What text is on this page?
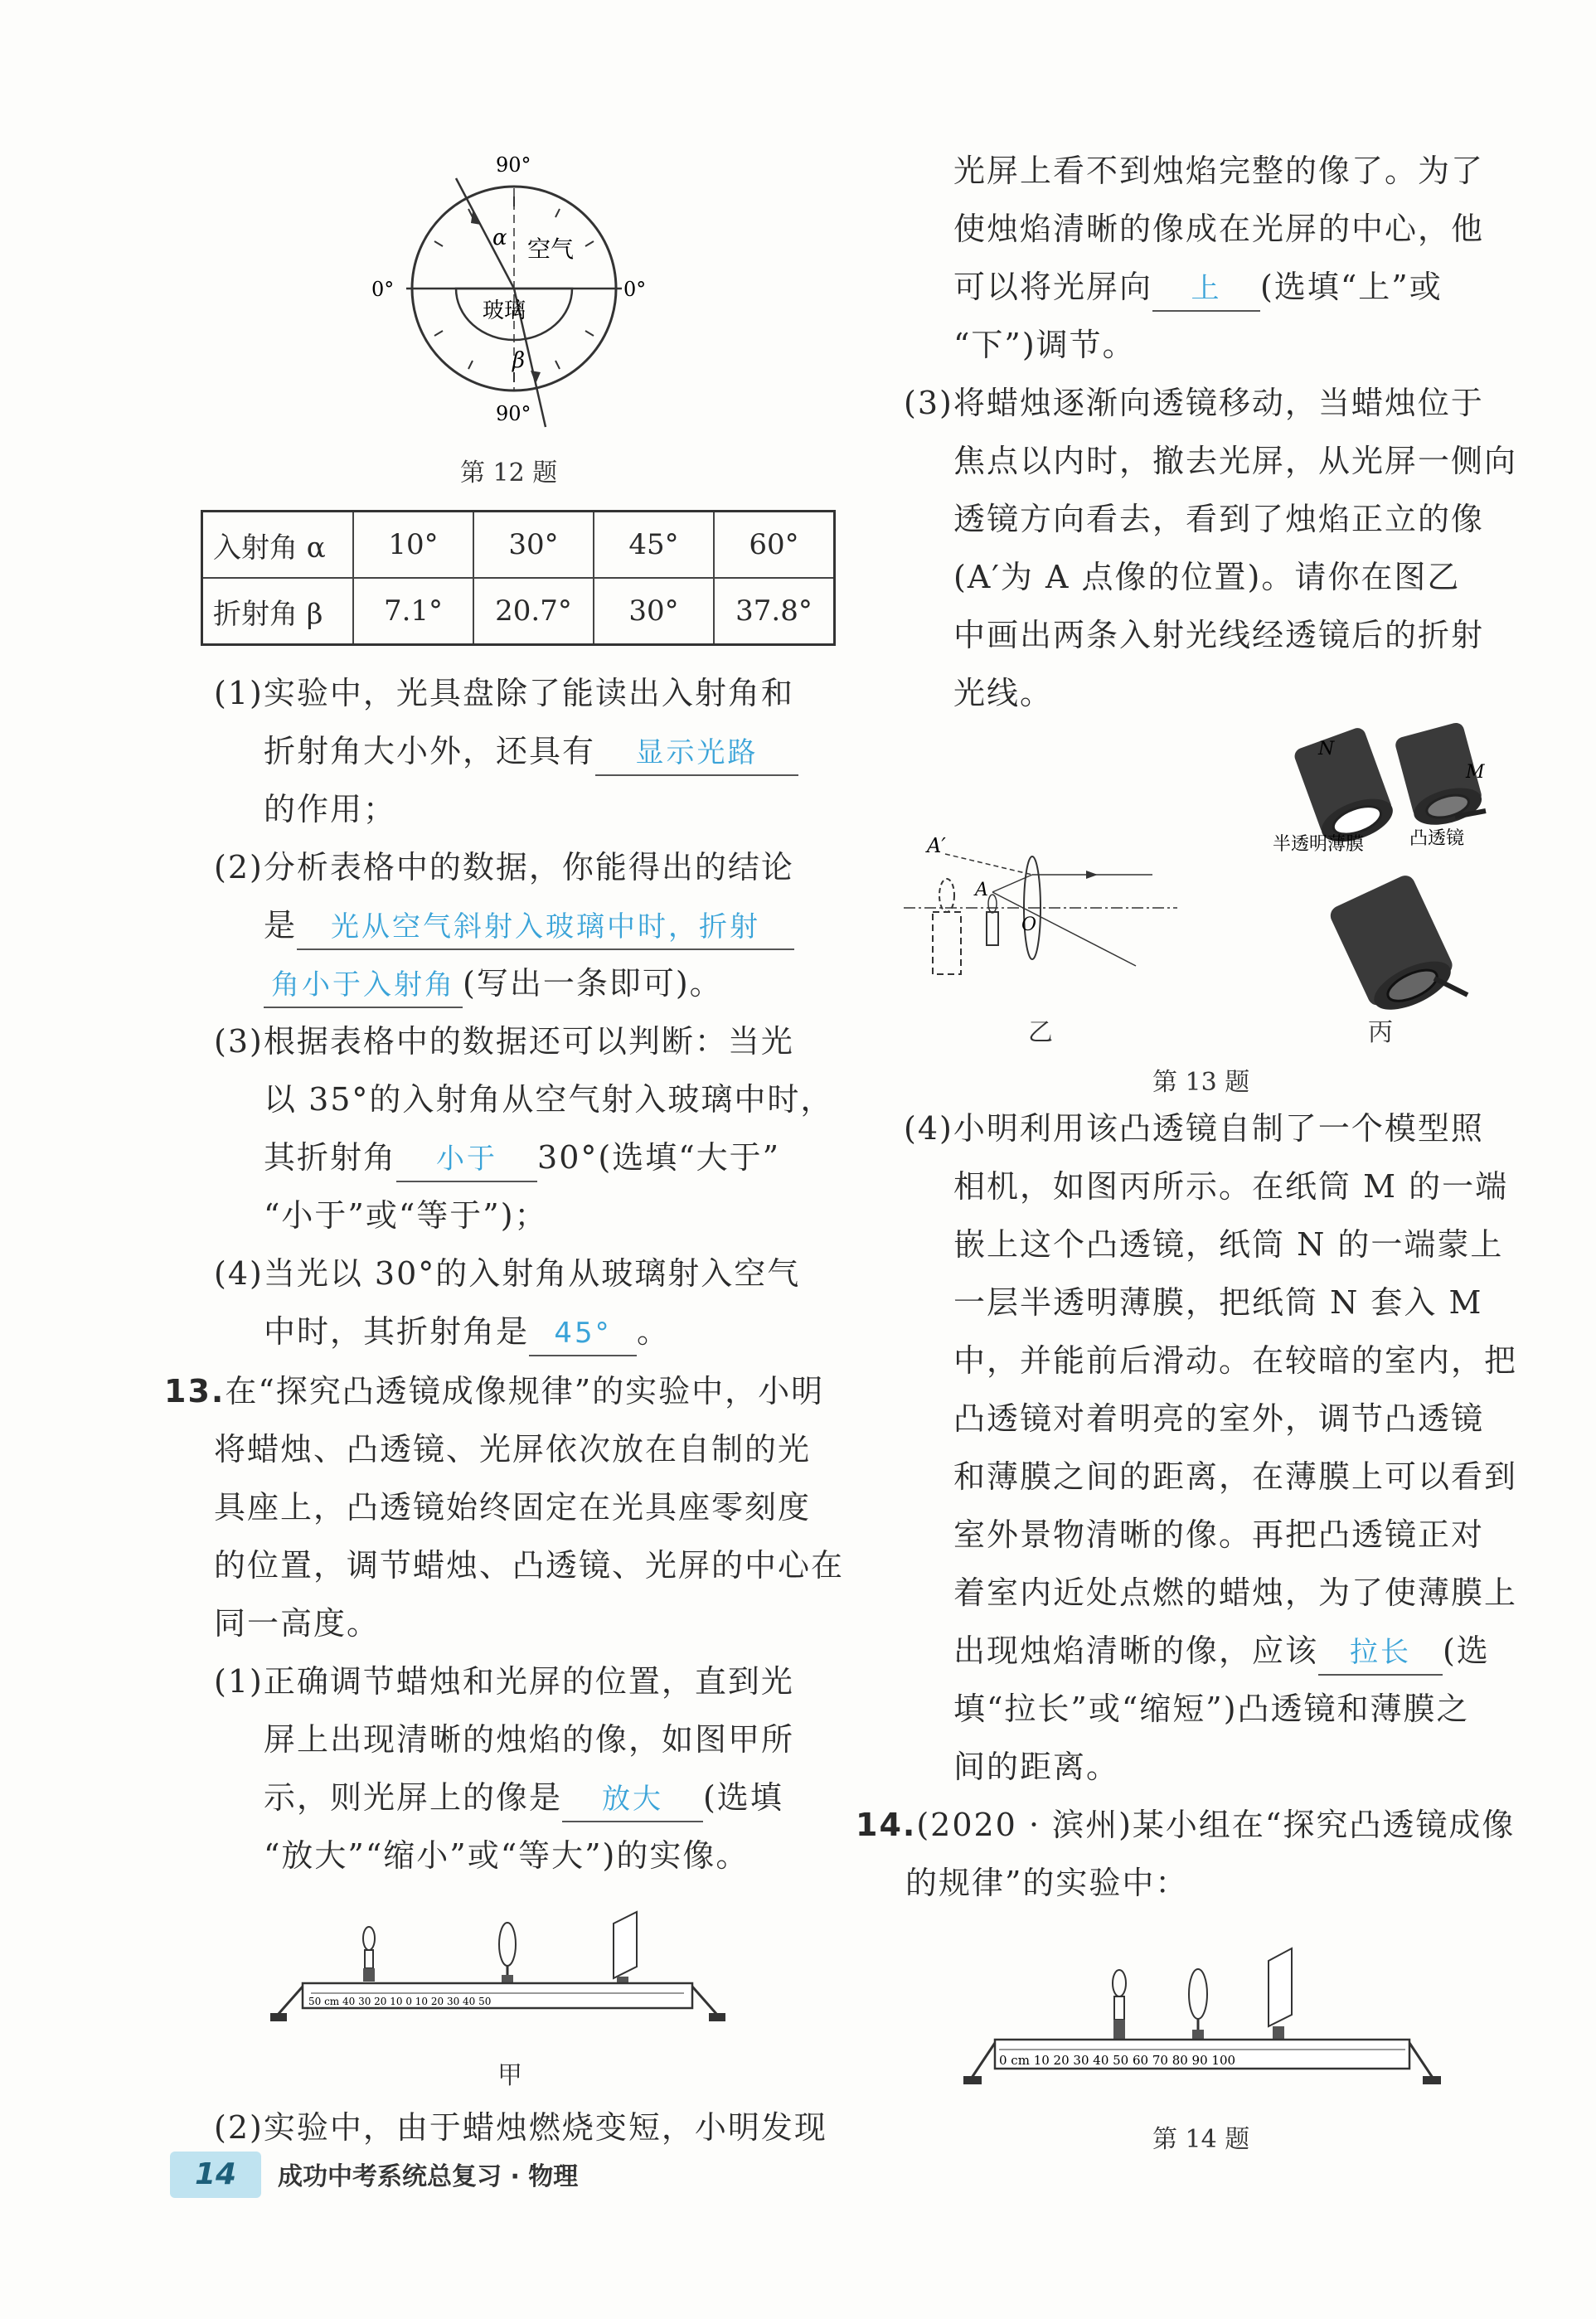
90°
90°
0°	0°
空气
玻璃
α
β
第 12 题
入射角 α	10°	30°	45°	60°
折射角 β	7.1°	20.7°	30°	37.8°
(1)实验中，光具盘除了能读出入射角和
折射角大小外，还具有 显示光路
的作用；
(2)分析表格中的数据，你能得出的结论
是 光从空气斜射入玻璃中时，折射
角小于入射角 (写出一条即可)。
(3)根据表格中的数据还可以判断：当光
以 35°的入射角从空气射入玻璃中时，
其折射角 小于 30°(选填“大于”
“小于”或“等于”)；
(4)当光以 30°的入射角从玻璃射入空气
中时，其折射角是 45° 。
13.在“探究凸透镜成像规律”的实验中，小明
将蜡烛、凸透镜、光屏依次放在自制的光
具座上，凸透镜始终固定在光具座零刻度
的位置，调节蜡烛、凸透镜、光屏的中心在
同一高度。
(1)正确调节蜡烛和光屏的位置，直到光
屏上出现清晰的烛焰的像，如图甲所
示，则光屏上的像是 放大 (选填
“放大”“缩小”或“等大”)的实像。
50 cm 40 30 20 10 0 10 20 30 40 50
甲
(2)实验中，由于蜡烛燃烧变短，小明发现
光屏上看不到烛焰完整的像了。为了
使烛焰清晰的像成在光屏的中心，他
可以将光屏向 上 (选填“上”或
“下”)调节。
(3)将蜡烛逐渐向透镜移动，当蜡烛位于
焦点以内时，撤去光屏，从光屏一侧向
透镜方向看去，看到了烛焰正立的像
(A′为 A 点像的位置)。请你在图乙
中画出两条入射光线经透镜后的折射
光线。
A′
A
O
乙
N
M
半透明薄膜 凸透镜
丙
第 13 题
(4)小明利用该凸透镜自制了一个模型照
相机，如图丙所示。在纸筒 M 的一端
嵌上这个凸透镜，纸筒 N 的一端蒙上
一层半透明薄膜，把纸筒 N 套入 M
中，并能前后滑动。在较暗的室内，把
凸透镜对着明亮的室外，调节凸透镜
和薄膜之间的距离，在薄膜上可以看到
室外景物清晰的像。再把凸透镜正对
着室内近处点燃的蜡烛，为了使薄膜上
出现烛焰清晰的像，应该 拉长 (选
填“拉长”或“缩短”)凸透镜和薄膜之
间的距离。
14.(2020 · 滨州)某小组在“探究凸透镜成像
的规律”的实验中：
0 cm 10 20 30 40 50 60 70 80 90 100
第 14 题
14	成功中考系统总复习 · 物理
